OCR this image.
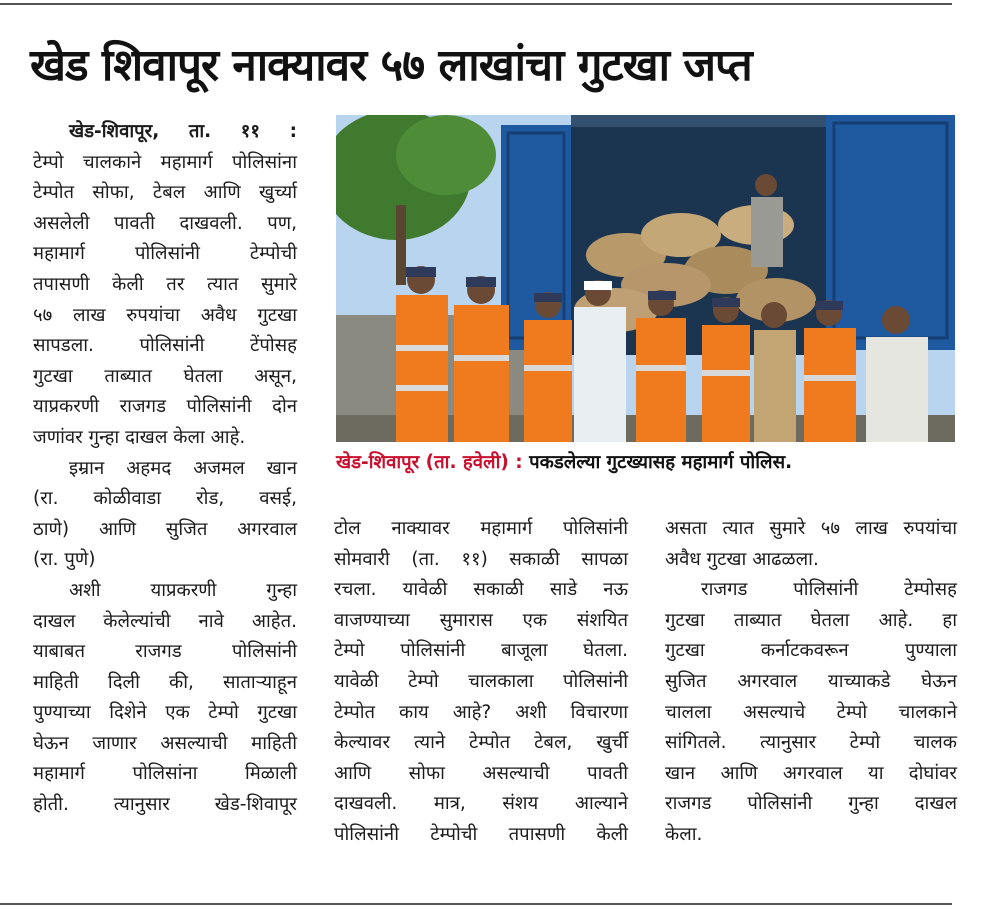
खेड शिवापूर नाक्यावर ५७ लाखांचा गुटखा जप्त

खेड-शिवापूर, ता. ११ :

टेम्पो चालकाने महामार्ग पोलिसांना

टेम्पोत सोफा, टेबल आणि खुर्च्या

असलेली पावती दाखवली. पण,

महामार्ग पोलिसांनी टेम्पोची

तपासणी केली तर त्यात सुमारे

५७ लाख रुपयांचा अवैध गुटखा

सापडला. पोलिसांनी टेंपोसह

गुटखा ताब्यात घेतला असून,

याप्रकरणी राजगड पोलिसांनी दोन

जणांवर गुन्हा दाखल केला आहे.

इम्रान अहमद अजमल खान

(रा. कोळीवाडा रोड, वसई,

ठाणे) आणि सुजित अगरवाल

(रा. पुणे)

अशी याप्रकरणी गुन्हा

दाखल केलेल्यांची नावे आहेत.

याबाबत राजगड पोलिसांनी

माहिती दिली की, साताऱ्याहून

पुण्याच्या दिशेने एक टेम्पो गुटखा

घेऊन जाणार असल्याची माहिती

महामार्ग पोलिसांना मिळाली

होती. त्यानुसार खेड-शिवापूर

खेड-शिवापूर (ता. हवेली) : पकडलेल्या गुटख्यासह महामार्ग पोलिस.

टोल नाक्यावर महामार्ग पोलिसांनी

सोमवारी (ता. ११) सकाळी सापळा

रचला. यावेळी सकाळी साडे नऊ

वाजण्याच्या सुमारास एक संशयित

टेम्पो पोलिसांनी बाजूला घेतला.

यावेळी टेम्पो चालकाला पोलिसांनी

टेम्पोत काय आहे? अशी विचारणा

केल्यावर त्याने टेम्पोत टेबल, खुर्ची

आणि सोफा असल्याची पावती

दाखवली. मात्र, संशय आल्याने

पोलिसांनी टेम्पोची तपासणी केली

असता त्यात सुमारे ५७ लाख रुपयांचा

अवैध गुटखा आढळला.

राजगड पोलिसांनी टेम्पोसह

गुटखा ताब्यात घेतला आहे. हा

गुटखा कर्नाटकवरून पुण्याला

सुजित अगरवाल याच्याकडे घेऊन

चालला असल्याचे टेम्पो चालकाने

सांगितले. त्यानुसार टेम्पो चालक

खान आणि अगरवाल या दोघांवर

राजगड पोलिसांनी गुन्हा दाखल

केला.
